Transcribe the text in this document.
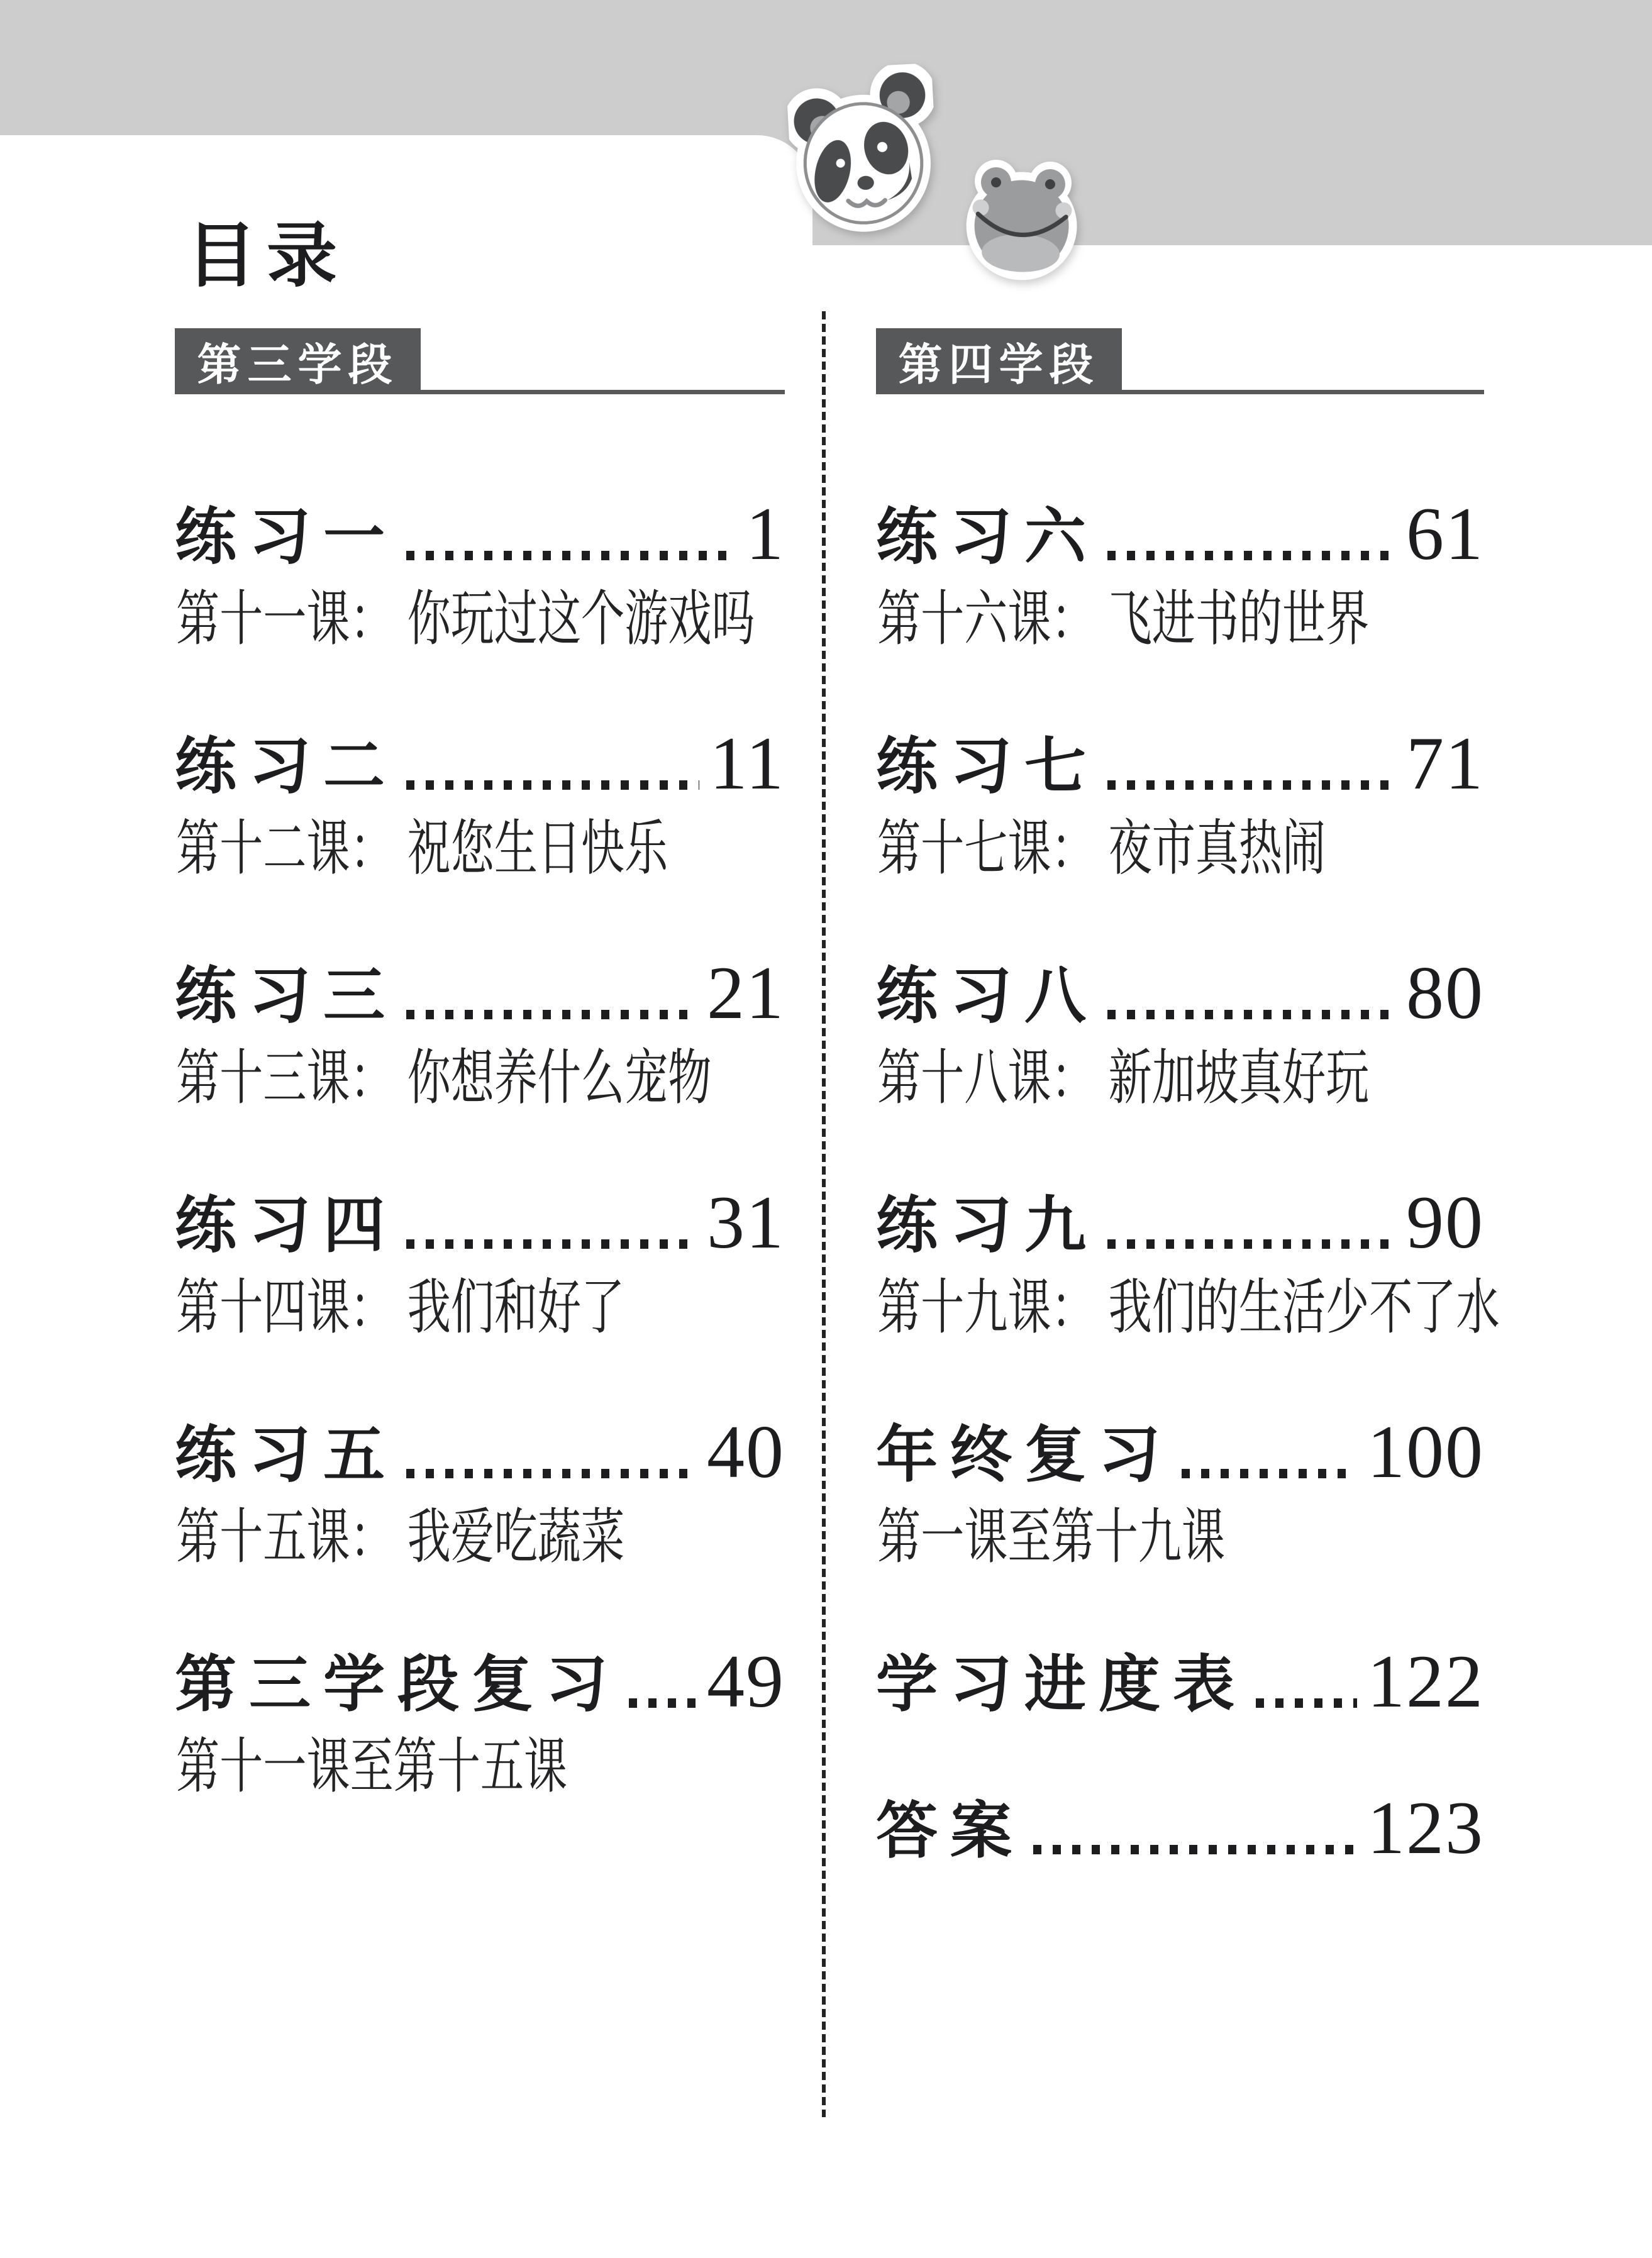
目录
第三学段
练习一	1
第十一课： 你玩过这个游戏吗
练习二	11
第十二课： 祝您生日快乐
练习三	21
第十三课： 你想养什么宠物
练习四	31
第十四课： 我们和好了
练习五	40
第十五课： 我爱吃蔬菜
第三学段复习 49
第十一课至第十五课
第四学段
练习六	61
第十六课： 飞进书的世界
练习七	71
第十七课： 夜市真热闹
练习八	80
第十八课： 新加坡真好玩
练习九	90
第十九课： 我们的生活少不了水
年终复习	100
第一课至第十九课
学习进度表 122
答案	123
